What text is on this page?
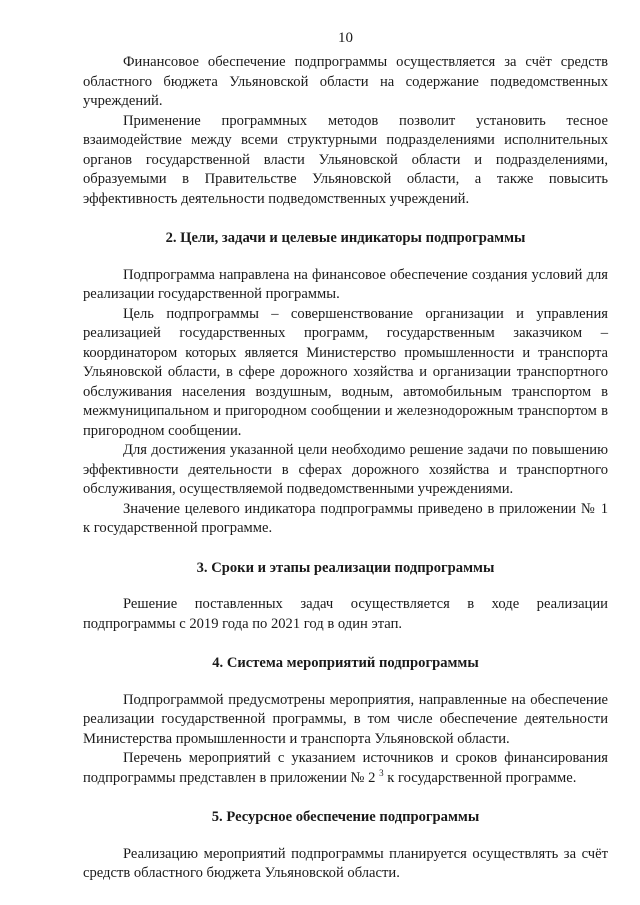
10

Финансовое обеспечение подпрограммы осуществляется за счёт средств областного бюджета Ульяновской области на содержание подведомственных учреждений.

Применение программных методов позволит установить тесное взаимодействие между всеми структурными подразделениями исполнительных органов государственной власти Ульяновской области и подразделениями, образуемыми в Правительстве Ульяновской области, а также повысить эффективность деятельности подведомственных учреждений.

2. Цели, задачи и целевые индикаторы подпрограммы

Подпрограмма направлена на финансовое обеспечение создания условий для реализации государственной программы.

Цель подпрограммы – совершенствование организации и управления реализацией государственных программ, государственным заказчиком – координатором которых является Министерство промышленности и транспорта Ульяновской области, в сфере дорожного хозяйства и организации транспортного обслуживания населения воздушным, водным, автомобильным транспортом в межмуниципальном и пригородном сообщении и железнодорожным транспортом в пригородном сообщении.

Для достижения указанной цели необходимо решение задачи по повышению эффективности деятельности в сферах дорожного хозяйства и транспортного обслуживания, осуществляемой подведомственными учреждениями.

Значение целевого индикатора подпрограммы приведено в приложении № 1 к государственной программе.

3. Сроки и этапы реализации подпрограммы

Решение поставленных задач осуществляется в ходе реализации подпрограммы с 2019 года по 2021 год в один этап.

4. Система мероприятий подпрограммы

Подпрограммой предусмотрены мероприятия, направленные на обеспечение реализации государственной программы, в том числе обеспечение деятельности Министерства промышленности и транспорта Ульяновской области.

Перечень мероприятий с указанием источников и сроков финансирования подпрограммы представлен в приложении № 2 $^3$ к государственной программе.

5. Ресурсное обеспечение подпрограммы

Реализацию мероприятий подпрограммы планируется осуществлять за счёт средств областного бюджета Ульяновской области.
